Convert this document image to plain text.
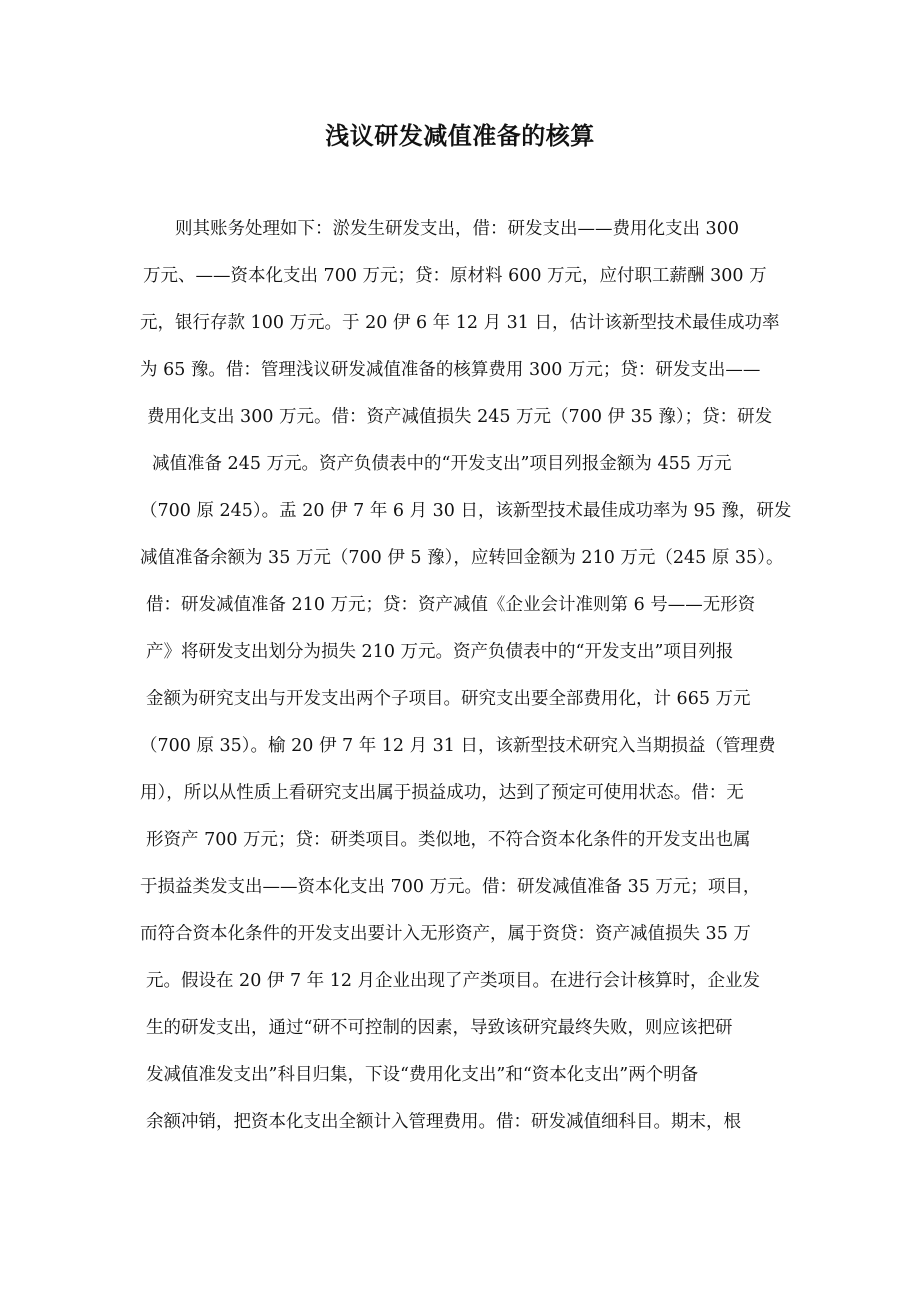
浅议研发减值准备的核算
则其账务处理如下：淤发生研发支出，借：研发支出——费用化支出 300
万元、——资本化支出 700 万元；贷：原材料 600 万元，应付职工薪酬 300 万
元，银行存款 100 万元。于 20 伊 6 年 12 月 31 日，估计该新型技术最佳成功率
为 65 豫。借：管理浅议研发减值准备的核算费用 300 万元；贷：研发支出——
费用化支出 300 万元。借：资产减值损失 245 万元（700 伊 35 豫）；贷：研发
减值准备 245 万元。资产负债表中的“开发支出”项目列报金额为 455 万元
（700 原 245）。盂 20 伊 7 年 6 月 30 日，该新型技术最佳成功率为 95 豫，研发
减值准备余额为 35 万元（700 伊 5 豫），应转回金额为 210 万元（245 原 35）。
借：研发减值准备 210 万元；贷：资产减值《企业会计准则第 6 号——无形资
产》将研发支出划分为损失 210 万元。资产负债表中的“开发支出”项目列报
金额为研究支出与开发支出两个子项目。研究支出要全部费用化，计 665 万元
（700 原 35）。榆 20 伊 7 年 12 月 31 日，该新型技术研究入当期损益（管理费
用），所以从性质上看研究支出属于损益成功，达到了预定可使用状态。借：无
形资产 700 万元；贷：研类项目。类似地，不符合资本化条件的开发支出也属
于损益类发支出——资本化支出 700 万元。借：研发减值准备 35 万元；项目，
而符合资本化条件的开发支出要计入无形资产，属于资贷：资产减值损失 35 万
元。假设在 20 伊 7 年 12 月企业出现了产类项目。在进行会计核算时，企业发
生的研发支出，通过“研不可控制的因素，导致该研究最终失败，则应该把研
发减值准发支出”科目归集，下设“费用化支出”和“资本化支出”两个明备
余额冲销，把资本化支出全额计入管理费用。借：研发减值细科目。期末，根
